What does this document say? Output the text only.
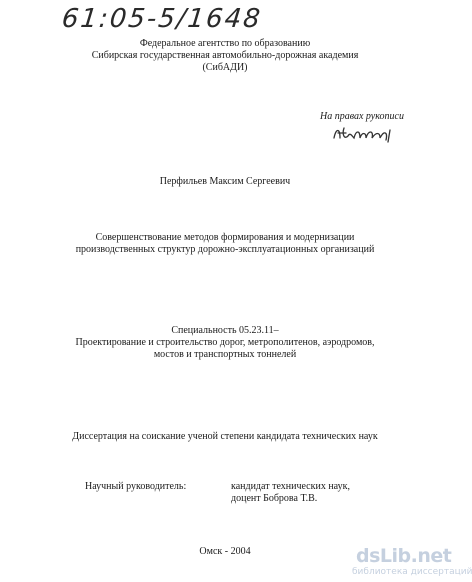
61:05-5/1648
Федеральное агентство по образованию
Сибирская государственная автомобильно-дорожная академия
(СибАДИ)
На правах рукописи
Перфильев Максим Сергеевич
Совершенствование методов формирования и модернизации
производственных структур дорожно-эксплуатационных организаций
Специальность 05.23.11–
Проектирование и строительство дорог, метрополитенов, аэродромов,
мостов и транспортных тоннелей
Диссертация на соискание ученой степени кандидата технических наук
Научный руководитель:	кандидат технических наук,
доцент Боброва Т.В.
Омск - 2004	dsLib.net
библиотека диссертаций
